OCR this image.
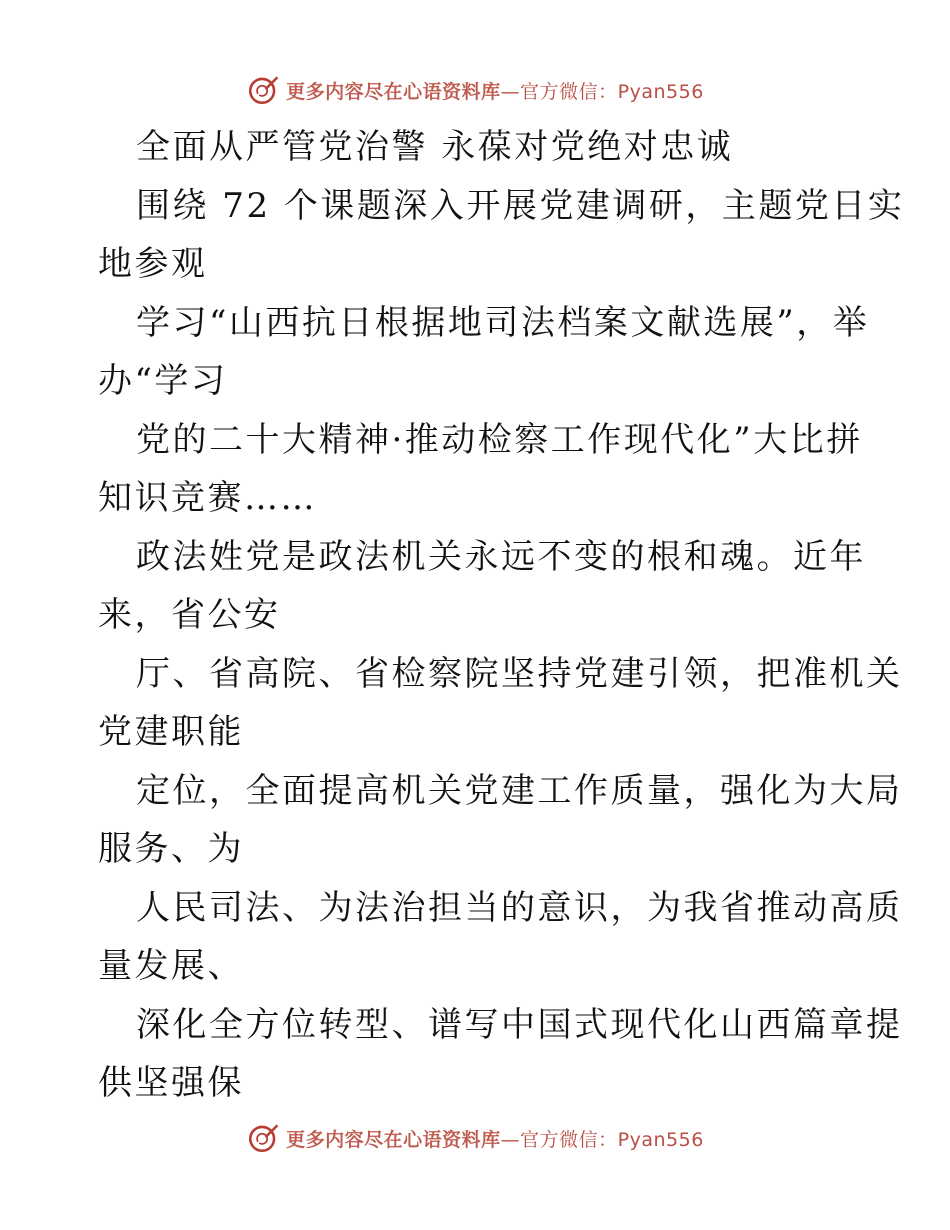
更多内容尽在心语资料库—官方微信：Pyan556
全面从严管党治警 永葆对党绝对忠诚
围绕 72 个课题深入开展党建调研，主题党日实
地参观
学习“山西抗日根据地司法档案文献选展”，举
办“学习
党的二十大精神·推动检察工作现代化”大比拼
知识竞赛……
政法姓党是政法机关永远不变的根和魂。近年
来，省公安
厅、省高院、省检察院坚持党建引领，把准机关
党建职能
定位，全面提高机关党建工作质量，强化为大局
服务、为
人民司法、为法治担当的意识，为我省推动高质
量发展、
深化全方位转型、谱写中国式现代化山西篇章提
供坚强保
更多内容尽在心语资料库—官方微信：Pyan556
